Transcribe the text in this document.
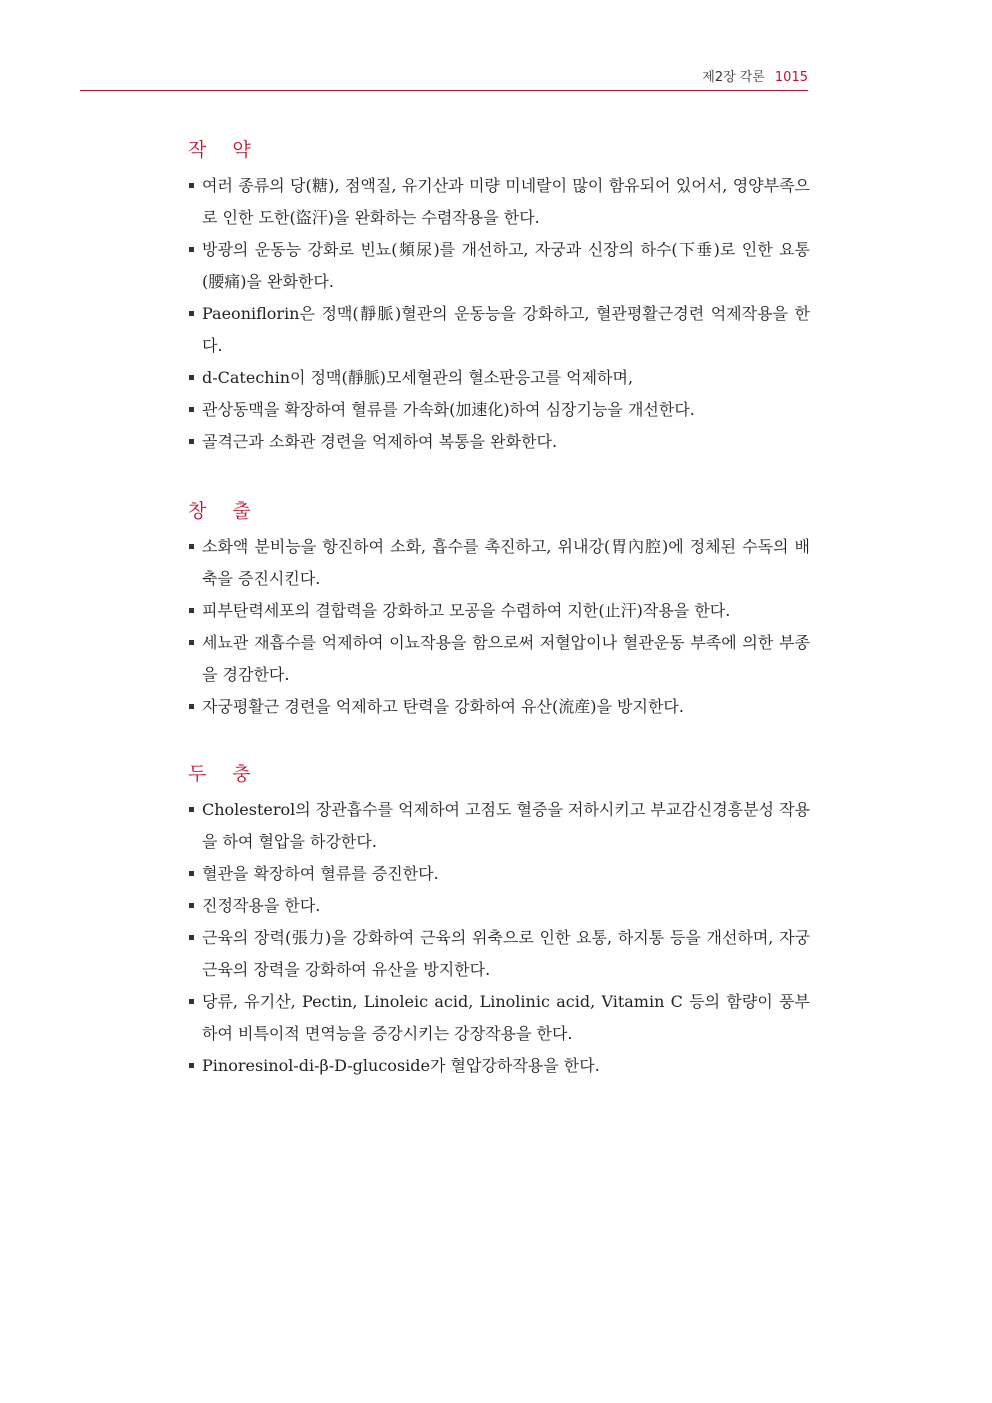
제2장 각론 1015
작 약
여러 종류의 당(糖), 점액질, 유기산과 미량 미네랄이 많이 함유되어 있어서, 영양부족으로 인한 도한(盜汗)을 완화하는 수렴작용을 한다.
방광의 운동능 강화로 빈뇨(頻尿)를 개선하고, 자궁과 신장의 하수(下垂)로 인한 요통(腰痛)을 완화한다.
Paeoniflorin은 정맥(靜脈)혈관의 운동능을 강화하고, 혈관평활근경련 억제작용을 한다.
d-Catechin이 정맥(靜脈)모세혈관의 혈소판응고를 억제하며,
관상동맥을 확장하여 혈류를 가속화(加速化)하여 심장기능을 개선한다.
골격근과 소화관 경련을 억제하여 복통을 완화한다.
창 출
소화액 분비능을 항진하여 소화, 흡수를 촉진하고, 위내강(胃內腔)에 정체된 수독의 배축을 증진시킨다.
피부탄력세포의 결합력을 강화하고 모공을 수렴하여 지한(止汗)작용을 한다.
세뇨관 재흡수를 억제하여 이뇨작용을 함으로써 저혈압이나 혈관운동 부족에 의한 부종을 경감한다.
자궁평활근 경련을 억제하고 탄력을 강화하여 유산(流産)을 방지한다.
두 충
Cholesterol의 장관흡수를 억제하여 고점도 혈증을 저하시키고 부교감신경흥분성 작용을 하여 혈압을 하강한다.
혈관을 확장하여 혈류를 증진한다.
진정작용을 한다.
근육의 장력(張力)을 강화하여 근육의 위축으로 인한 요통, 하지통 등을 개선하며, 자궁 근육의 장력을 강화하여 유산을 방지한다.
당류, 유기산, Pectin, Linoleic acid, Linolinic acid, Vitamin C 등의 함량이 풍부하여 비특이적 면역능을 증강시키는 강장작용을 한다.
Pinoresinol-di-β-D-glucoside가 혈압강하작용을 한다.
